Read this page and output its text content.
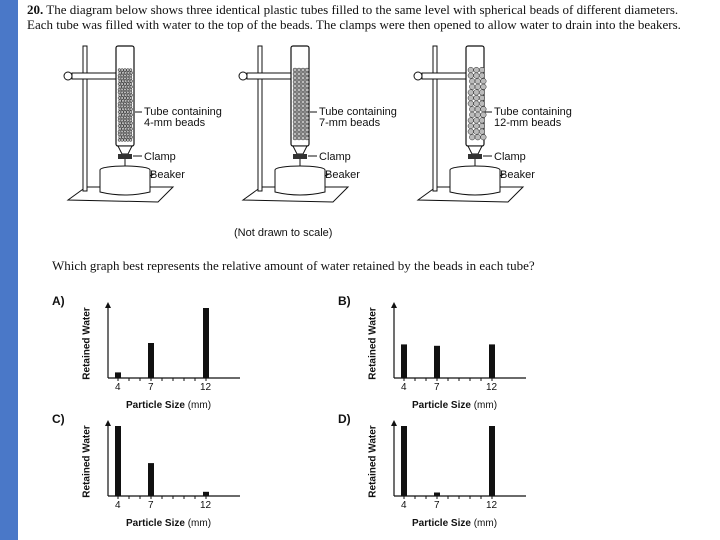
20. The diagram below shows three identical plastic tubes filled to the same level with spherical beads of different diameters. Each tube was filled with water to the top of the beads. The clamps were then opened to allow water to drain into the beakers.
Tube containing
4-mm beads
Clamp
Beaker
Tube containing
7-mm beads
Clamp
Beaker
Tube containing
12-mm beads
Clamp
Beaker
(Not drawn to scale)
Which graph best represents the relative amount of water retained by the beads in each tube?
A)
Retained Water
4	7	12
Particle Size (mm)
B)
Retained Water
4	7	12
Particle Size (mm)
C)
Retained Water
4	7	12
Particle Size (mm)
D)
Retained Water
4	7	12
Particle Size (mm)
